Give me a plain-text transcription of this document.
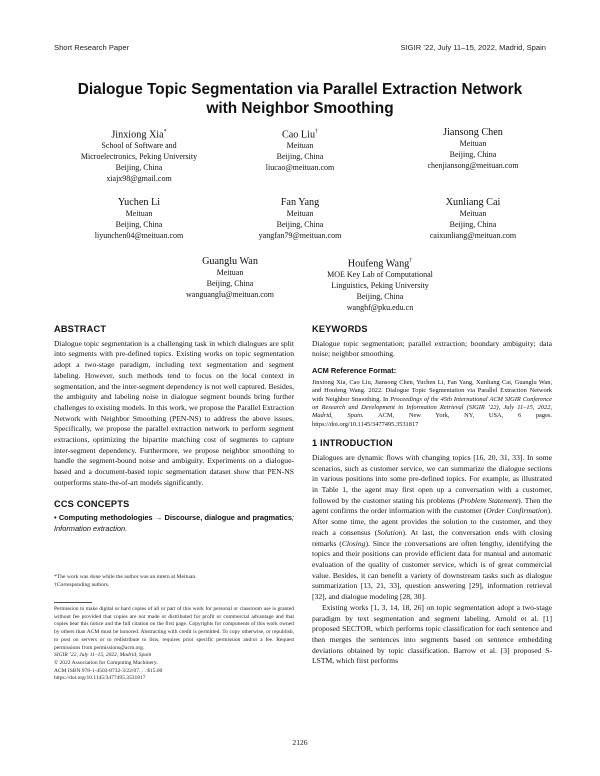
Short Research Paper	SIGIR ’22, July 11–15, 2022, Madrid, Spain
Dialogue Topic Segmentation via Parallel Extraction Network
with Neighbor Smoothing
Jinxiong Xia*
School of Software and
Microelectronics, Peking University
Beijing, China
xiajx98@gmail.com
Cao Liu†
Meituan
Beijing, China
liucao@meituan.com
Jiansong Chen
Meituan
Beijing, China
chenjiansong@meituan.com
Yuchen Li
Meituan
Beijing, China
liyunchen04@meituan.com
Fan Yang
Meituan
Beijing, China
yangfan79@meituan.com
Xunliang Cai
Meituan
Beijing, China
caixunliang@meituan.com
Guanglu Wan
Meituan
Beijing, China
wanguanglu@meituan.com
Houfeng Wang†
MOE Key Lab of Computational
Linguistics, Peking University
Beijing, China
wanghf@pku.edu.cn
ABSTRACT

Dialogue topic segmentation is a challenging task in which dialogues are split into segments with pre-defined topics. Existing works on topic segmentation adopt a two-stage paradigm, including text segmentation and segment labeling. However, such methods tend to focus on the local context in segmentation, and the inter-segment dependency is not well captured. Besides, the ambiguity and labeling noise in dialogue segment bounds bring further challenges to existing models. In this work, we propose the Parallel Extraction Network with Neighbor Smoothing (PEN-NS) to address the above issues. Specifically, we propose the parallel extraction network to perform segment extractions, optimizing the bipartite matching cost of segments to capture inter-segment dependency. Furthermore, we propose neighbor smoothing to handle the segment-bound noise and ambiguity. Experiments on a dialogue-based and a document-based topic segmentation dataset show that PEN-NS outperforms state-the-of-art models significantly.

CCS CONCEPTS

• Computing methodologies → Discourse, dialogue and pragmatics; Information extraction.

*The work was done while the author was an intern at Meituan.
†Corresponding authors.

Permission to make digital or hard copies of all or part of this work for personal or classroom use is granted without fee provided that copies are not made or distributed for profit or commercial advantage and that copies bear this notice and the full citation on the first page. Copyrights for components of this work owned by others than ACM must be honored. Abstracting with credit is permitted. To copy otherwise, or republish, to post on servers or to redistribute to lists, requires prior specific permission and/or a fee. Request permissions from permissions@acm.org.

SIGIR ’22, July 11–15, 2022, Madrid, Spain

© 2022 Association for Computing Machinery.

ACM ISBN 978-1-4503-8732-3/22/07. . . $15.00

https://doi.org/10.1145/3477495.3531817

KEYWORDS

Dialogue topic segmentation; parallel extraction; boundary ambiguity; data noise; neighbor smoothing.

ACM Reference Format:

Jinxiong Xia, Cao Liu, Jiansong Chen, Yuchen Li, Fan Yang, Xunliang Cai, Guanglu Wan, and Houfeng Wang. 2022. Dialogue Topic Segmentation via Parallel Extraction Network with Neighbor Smoothing. In Proceedings of the 45th International ACM SIGIR Conference on Research and Development in Information Retrieval (SIGIR ’22), July 11–15, 2022, Madrid, Spain. ACM, New York, NY, USA, 6 pages. https://doi.org/10.1145/3477495.3531817

1 INTRODUCTION

Dialogues are dynamic flows with changing topics [16, 20, 31, 33]. In some scenarios, such as customer service, we can summarize the dialogue sections in various positions into some pre-defined topics. For example, as illustrated in Table 1, the agent may first open up a conversation with a customer, followed by the customer stating his problems (Problem Statement). Then the agent confirms the order information with the customer (Order Confirmation). After some time, the agent provides the solution to the customer, and they reach a consensus (Solution). At last, the conversation ends with closing remarks (Closing). Since the conversations are often lengthy, identifying the topics and their positions can provide efficient data for manual and automatic evaluation of the quality of customer service, which is of great commercial value. Besides, it can benefit a variety of downstream tasks such as dialogue summarization [13, 21, 33], question answering [29], information retrieval [32], and dialogue modeling [28, 30].

Existing works [1, 3, 14, 18, 26] on topic segmentation adopt a two-stage paradigm by text segmentation and segment labeling. Arnold et al. [1] proposed SECTOR, which performs topic classification for each sentence and then merges the sentences into segments based on sentence embedding deviations obtained by topic classification. Barrow et al. [3] proposed S-LSTM, which first performs

2126
